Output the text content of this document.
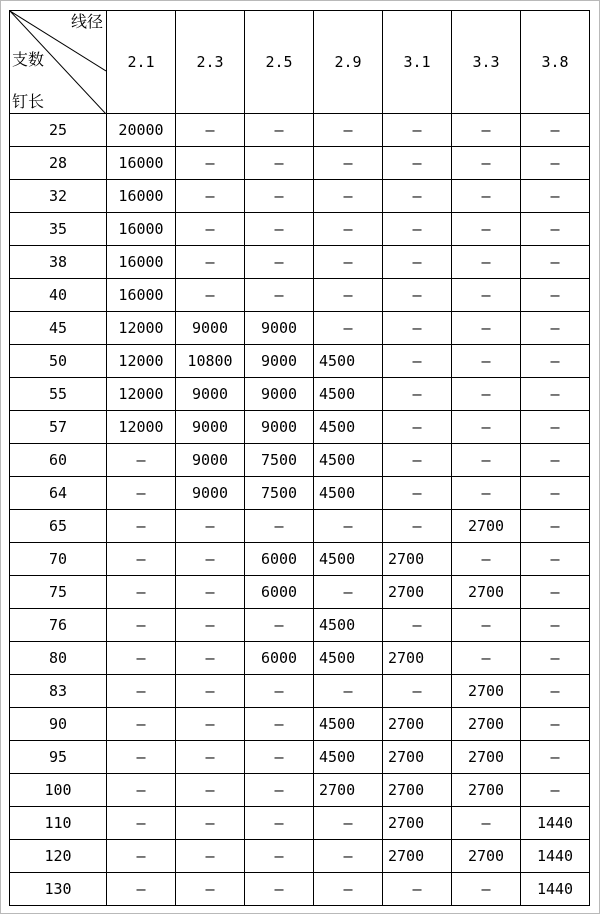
线径
支数
钉长	2.1	2.3	2.5	2.9	3.1	3.3	3.8
25	20000	–	–	–	–	–	–
28	16000	–	–	–	–	–	–
32	16000	–	–	–	–	–	–
35	16000	–	–	–	–	–	–
38	16000	–	–	–	–	–	–
40	16000	–	–	–	–	–	–
45	12000	9000	9000	–	–	–	–
50	12000	10800	9000	4500	–	–	–
55	12000	9000	9000	4500	–	–	–
57	12000	9000	9000	4500	–	–	–
60	–	9000	7500	4500	–	–	–
64	–	9000	7500	4500	–	–	–
65	–	–	–	–	–	2700	–
70	–	–	6000	4500	2700	–	–
75	–	–	6000	–	2700	2700	–
76	–	–	–	4500	–	–	–
80	–	–	6000	4500	2700	–	–
83	–	–	–	–	–	2700	–
90	–	–	–	4500	2700	2700	–
95	–	–	–	4500	2700	2700	–
100	–	–	–	2700	2700	2700	–
110	–	–	–	–	2700	–	1440
120	–	–	–	–	2700	2700	1440
130	–	–	–	–	–	–	1440
